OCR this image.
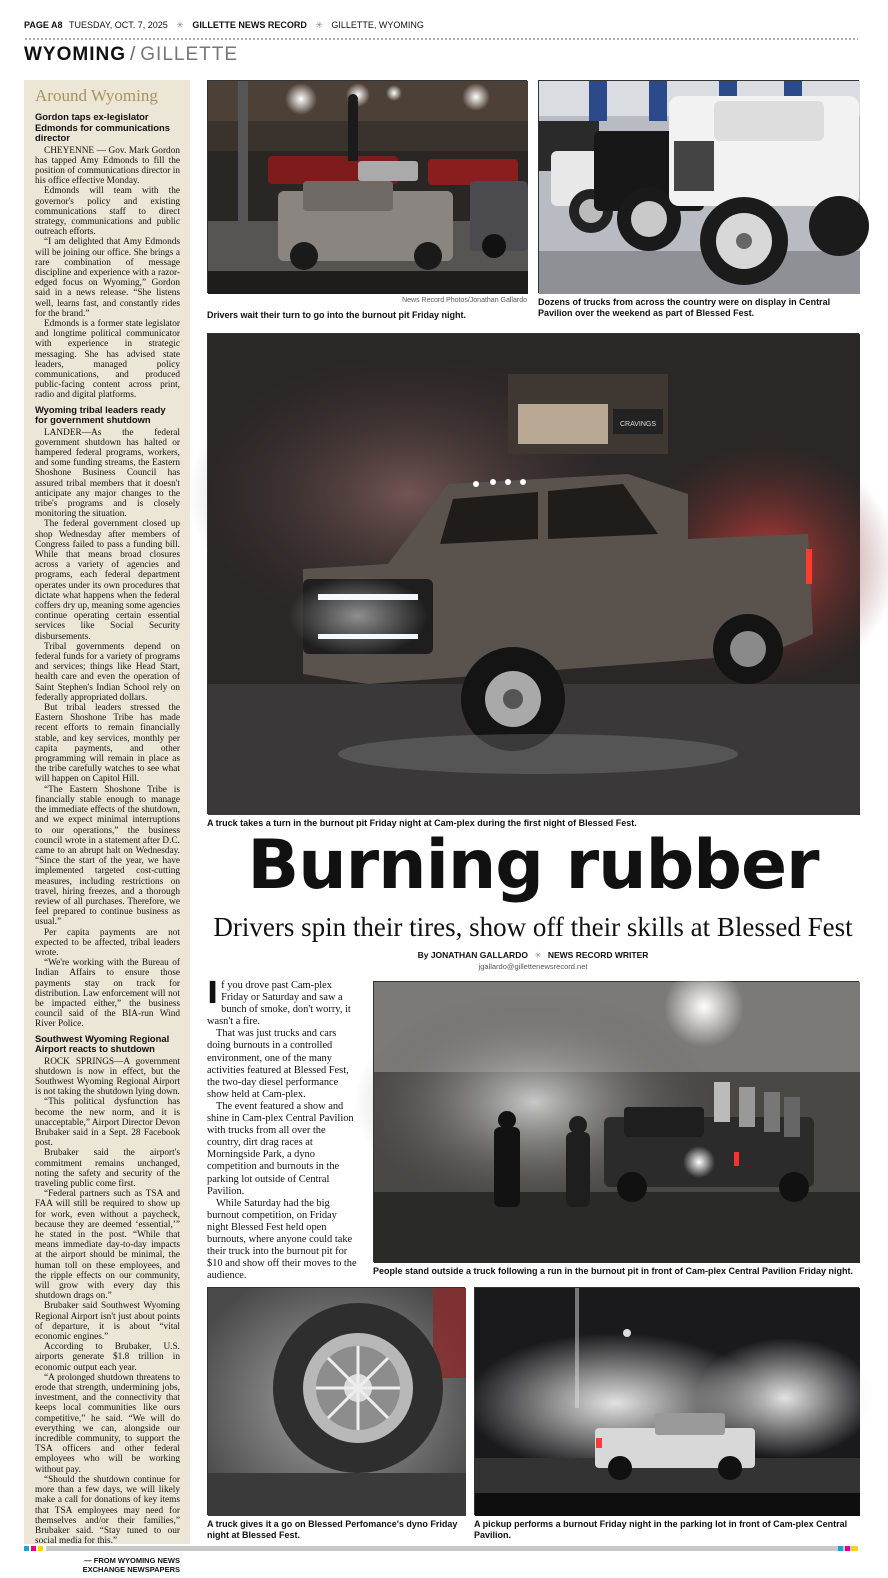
PAGE A8 TUESDAY, OCT. 7, 2025 ✳ GILLETTE NEWS RECORD ✳ GILLETTE, WYOMING
WYOMING / GILLETTE
Around Wyoming
Gordon taps ex-legislator Edmonds for communications director

CHEYENNE — Gov. Mark Gordon has tapped Amy Edmonds to fill the position of communications director in his office effective Monday.

Edmonds will team with the governor's policy and existing communications staff to direct strategy, communications and public outreach efforts.

“I am delighted that Amy Edmonds will be joining our office. She brings a rare combination of message discipline and experience with a razor-edged focus on Wyoming,” Gordon said in a news release. “She listens well, learns fast, and constantly rides for the brand.”

Edmonds is a former state legislator and longtime political communicator with experience in strategic messaging. She has advised state leaders, managed policy communications, and produced public-facing content across print, radio and digital platforms.

Wyoming tribal leaders ready for government shutdown

LANDER—As the federal government shutdown has halted or hampered federal programs, workers, and some funding streams, the Eastern Shoshone Business Council has assured tribal members that it doesn't anticipate any major changes to the tribe's programs and is closely monitoring the situation.

The federal government closed up shop Wednesday after members of Congress failed to pass a funding bill. While that means broad closures across a variety of agencies and programs, each federal department operates under its own procedures that dictate what happens when the federal coffers dry up, meaning some agencies continue operating certain essential services like Social Security disbursements.

Tribal governments depend on federal funds for a variety of programs and services; things like Head Start, health care and even the operation of Saint Stephen's Indian School rely on federally appropriated dollars.

But tribal leaders stressed the Eastern Shoshone Tribe has made recent efforts to remain financially stable, and key services, monthly per capita payments, and other programming will remain in place as the tribe carefully watches to see what will happen on Capitol Hill.

“The Eastern Shoshone Tribe is financially stable enough to manage the immediate effects of the shutdown, and we expect minimal interruptions to our operations,” the business council wrote in a statement after D.C. came to an abrupt halt on Wednesday. “Since the start of the year, we have implemented targeted cost-cutting measures, including restrictions on travel, hiring freezes, and a thorough review of all purchases. Therefore, we feel prepared to continue business as usual.”

Per capita payments are not expected to be affected, tribal leaders wrote.

“We're working with the Bureau of Indian Affairs to ensure those payments stay on track for distribution. Law enforcement will not be impacted either,” the business council said of the BIA-run Wind River Police.

Southwest Wyoming Regional Airport reacts to shutdown

ROCK SPRINGS—A government shutdown is now in effect, but the Southwest Wyoming Regional Airport is not taking the shutdown lying down.

“This political dysfunction has become the new norm, and it is unacceptable,” Airport Director Devon Brubaker said in a Sept. 28 Facebook post.

Brubaker said the airport's commitment remains unchanged, noting the safety and security of the traveling public come first.

“Federal partners such as TSA and FAA will still be required to show up for work, even without a paycheck, because they are deemed ‘essential,’” he stated in the post. “While that means immediate day-to-day impacts at the airport should be minimal, the human toll on these employees, and the ripple effects on our community, will grow with every day this shutdown drags on.”

Brubaker said Southwest Wyoming Regional Airport isn't just about points of departure, it is about “vital economic engines.”

According to Brubaker, U.S. airports generate $1.8 trillion in economic output each year.

“A prolonged shutdown threatens to erode that strength, undermining jobs, investment, and the connectivity that keeps local communities like ours competitive,” he said. “We will do everything we can, alongside our incredible community, to support the TSA officers and other federal employees who will be working without pay.

“Should the shutdown continue for more than a few days, we will likely make a call for donations of key items that TSA employees may need for themselves and/or their families,” Brubaker said. “Stay tuned to our social media for this.”

— FROM WYOMING NEWS
EXCHANGE NEWSPAPERS
News Record Photos/Jonathan Gallardo
Drivers wait their turn to go into the burnout pit Friday night.
Dozens of trucks from across the country were on display in Central Pavilion over the weekend as part of Blessed Fest.
CRAVINGS
A truck takes a turn in the burnout pit Friday night at Cam-plex during the first night of Blessed Fest.
Burning rubber
Drivers spin their tires, show off their skills at Blessed Fest
By JONATHAN GALLARDO ✳ NEWS RECORD WRITER
jgallardo@gillettenewsrecord.net

If you drove past Cam-plex Friday or Saturday and saw a bunch of smoke, don't worry, it wasn't a fire.

That was just trucks and cars doing burnouts in a controlled environment, one of the many activities featured at Blessed Fest, the two-day diesel performance show held at Cam-plex.

The event featured a show and shine in Cam-plex Central Pavilion with trucks from all over the country, dirt drag races at Morningside Park, a dyno competition and burnouts in the parking lot outside of Central Pavilion.

While Saturday had the big burnout competition, on Friday night Blessed Fest held open burnouts, where anyone could take their truck into the burnout pit for $10 and show off their moves to the audience.	People stand outside a truck following a run in the burnout pit in front of Cam-plex Central Pavilion Friday night.
A truck gives it a go on Blessed Perfomance's dyno Friday night at Blessed Fest.
A pickup performs a burnout Friday night in the parking lot in front of Cam-plex Central Pavilion.
